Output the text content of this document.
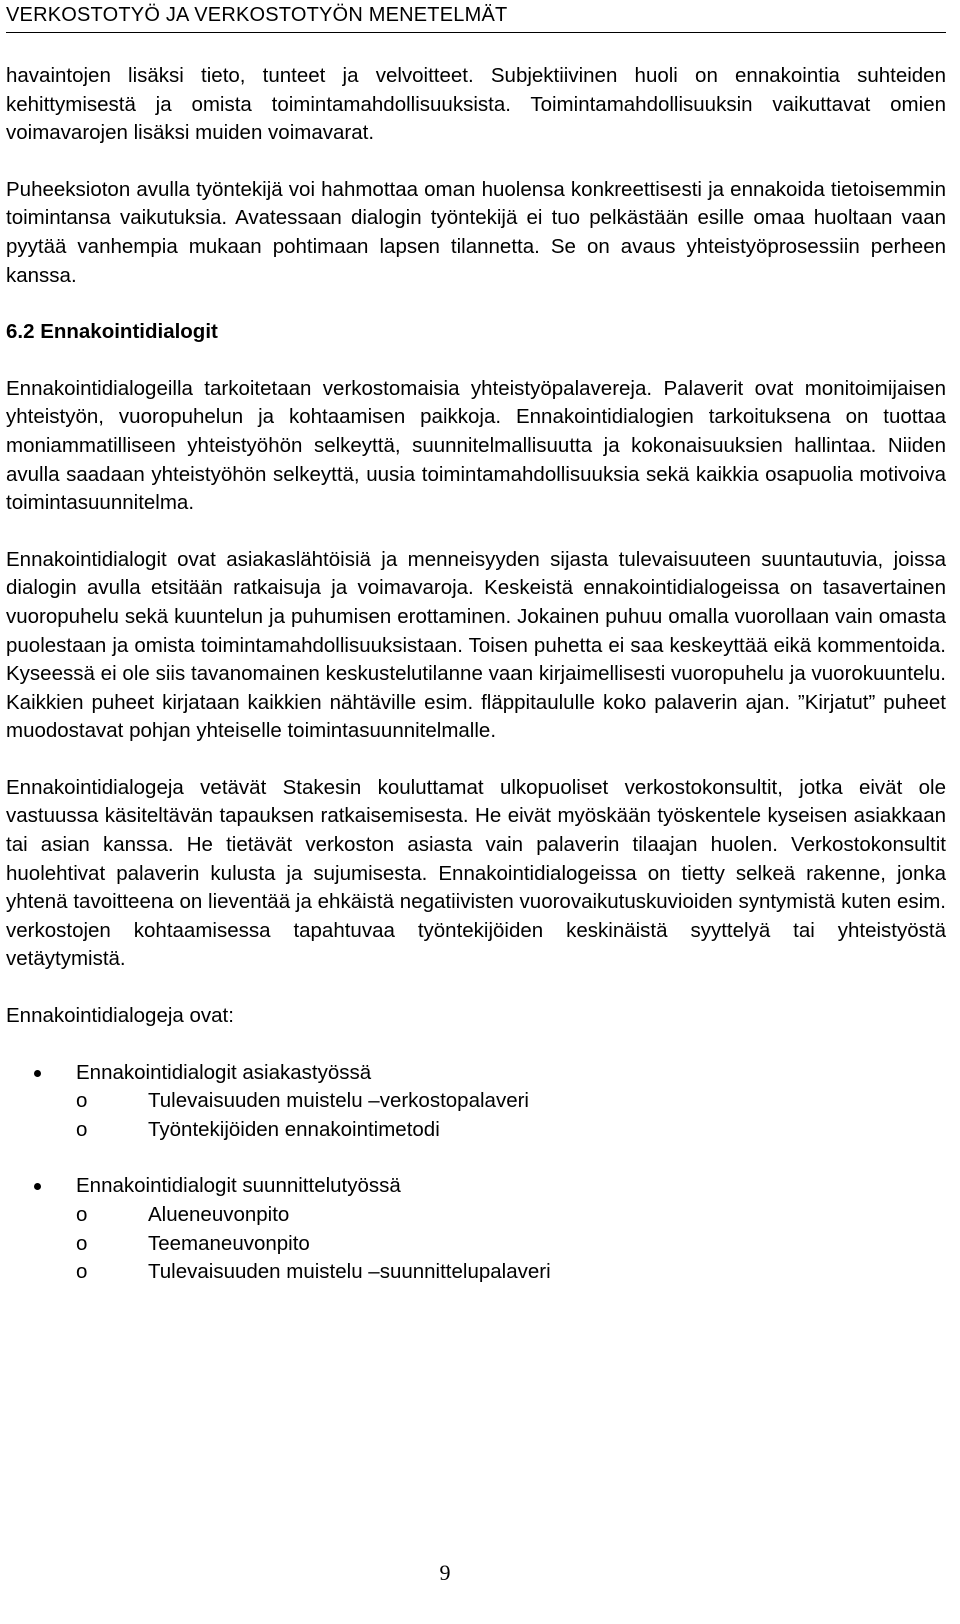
VERKOSTOTYÖ JA VERKOSTOTYÖN MENETELMÄT

havaintojen lisäksi tieto, tunteet ja velvoitteet. Subjektiivinen huoli on ennakointia suhteiden kehittymisestä ja omista toimintamahdollisuuksista. Toimintamahdollisuuksin vaikuttavat omien voimavarojen lisäksi muiden voimavarat.

Puheeksioton avulla työntekijä voi hahmottaa oman huolensa konkreettisesti ja ennakoida tietoisemmin toimintansa vaikutuksia. Avatessaan dialogin työntekijä ei tuo pelkästään esille omaa huoltaan vaan pyytää vanhempia mukaan pohtimaan lapsen tilannetta. Se on avaus yhteistyöprosessiin perheen kanssa.

6.2 Ennakointidialogit

Ennakointidialogeilla tarkoitetaan verkostomaisia yhteistyöpalavereja. Palaverit ovat monitoimijaisen yhteistyön, vuoropuhelun ja kohtaamisen paikkoja. Ennakointidialogien tarkoituksena on tuottaa moniammatilliseen yhteistyöhön selkeyttä, suunnitelmallisuutta ja kokonaisuuksien hallintaa. Niiden avulla saadaan yhteistyöhön selkeyttä, uusia toimintamahdollisuuksia sekä kaikkia osapuolia motivoiva toimintasuunnitelma.

Ennakointidialogit ovat asiakaslähtöisiä ja menneisyyden sijasta tulevaisuuteen suuntautuvia, joissa dialogin avulla etsitään ratkaisuja ja voimavaroja. Keskeistä ennakointidialogeissa on tasavertainen vuoropuhelu sekä kuuntelun ja puhumisen erottaminen. Jokainen puhuu omalla vuorollaan vain omasta puolestaan ja omista toimintamahdollisuuksistaan. Toisen puhetta ei saa keskeyttää eikä kommentoida. Kyseessä ei ole siis tavanomainen keskustelutilanne vaan kirjaimellisesti vuoropuhelu ja vuorokuuntelu. Kaikkien puheet kirjataan kaikkien nähtäville esim. fläppitaululle koko palaverin ajan. ”Kirjatut” puheet muodostavat pohjan yhteiselle toimintasuunnitelmalle.

Ennakointidialogeja vetävät Stakesin kouluttamat ulkopuoliset verkostokonsultit, jotka eivät ole vastuussa käsiteltävän tapauksen ratkaisemisesta. He eivät myöskään työskentele kyseisen asiakkaan tai asian kanssa. He tietävät verkoston asiasta vain palaverin tilaajan huolen. Verkostokonsultit huolehtivat palaverin kulusta ja sujumisesta. Ennakointidialogeissa on tietty selkeä rakenne, jonka yhtenä tavoitteena on lieventää ja ehkäistä negatiivisten vuorovaikutuskuvioiden syntymistä kuten esim. verkostojen kohtaamisessa tapahtuvaa työntekijöiden keskinäistä syyttelyä tai yhteistyöstä vetäytymistä.

Ennakointidialogeja ovat:

Ennakointidialogit asiakastyössä
o	Tulevaisuuden muistelu –verkostopalaveri
o	Työntekijöiden ennakointimetodi
Ennakointidialogit suunnittelutyössä
o	Alueneuvonpito
o	Teemaneuvonpito
o	Tulevaisuuden muistelu –suunnittelupalaveri
9
